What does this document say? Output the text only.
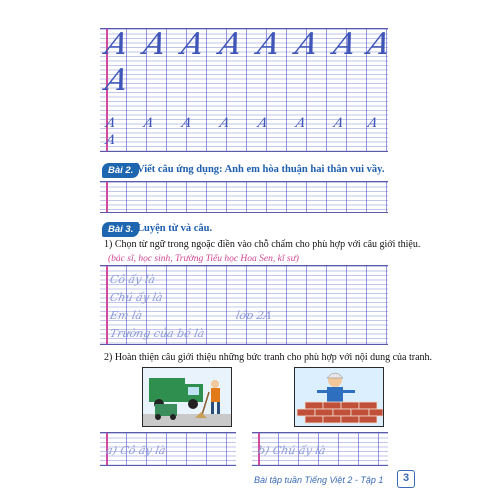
A A A A A A A A
A
A A A A A A A A
A
Bài 2. Viết câu ứng dụng: Anh em hòa thuận hai thân vui vầy.
Bài 3. Luyện từ và câu.
1) Chọn từ ngữ trong ngoặc điền vào chỗ chấm cho phù hợp với câu giới thiệu.
(bác sĩ, học sinh, Trường Tiểu học Hoa Sen, kĩ sư)
Cô ấy là
Chú ấy là
Em là	lớp 2A
Trường của bé là
2) Hoàn thiện câu giới thiệu những bức tranh cho phù hợp với nội dung của tranh.
a) Cô ấy là	b) Chú ấy là
Bài tập tuần Tiếng Việt 2 - Tập 1	3
